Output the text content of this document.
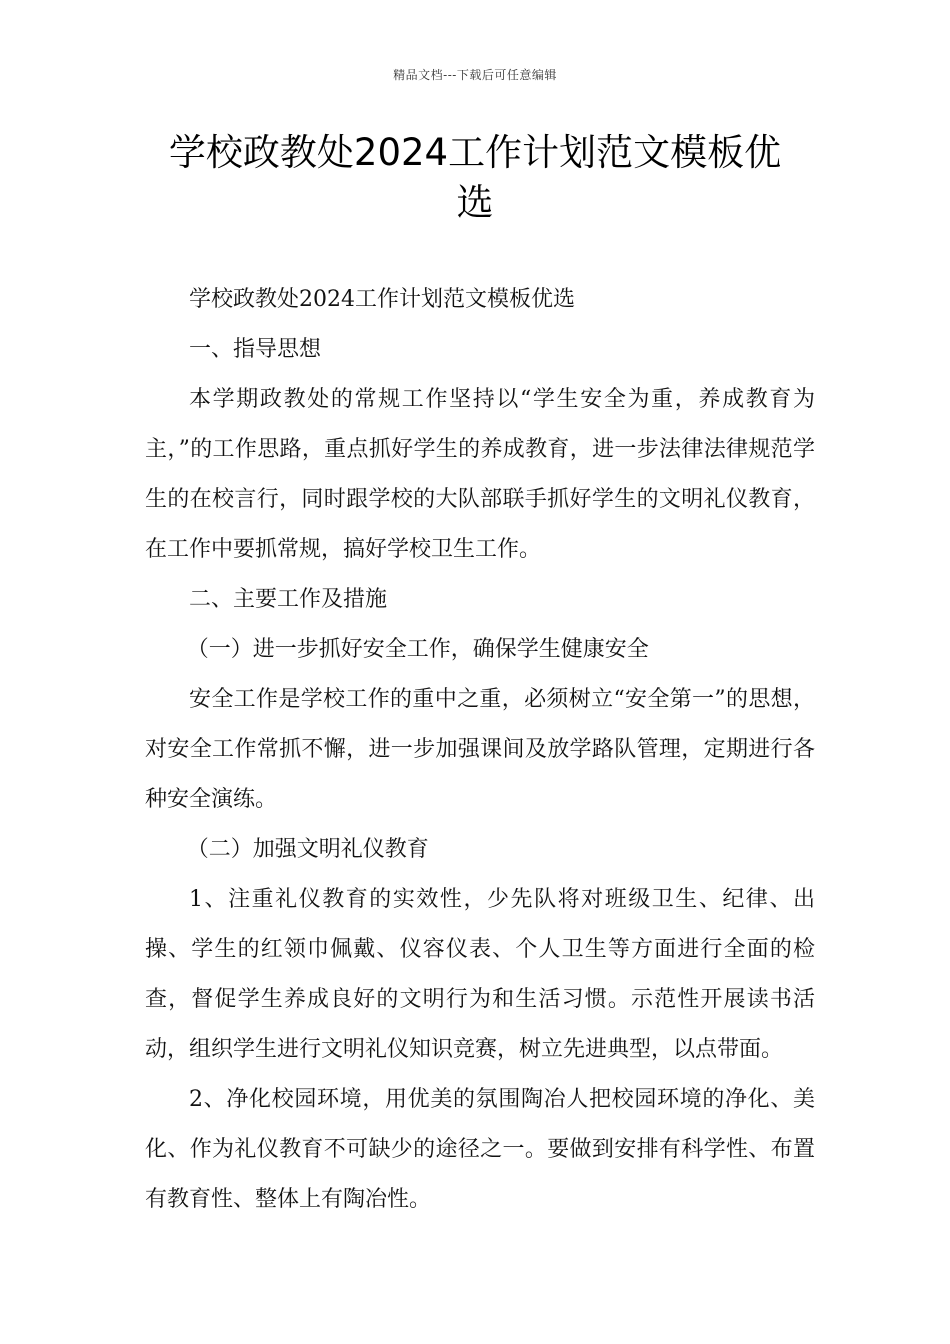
精品文档---下载后可任意编辑
学校政教处2024工作计划范文模板优
选

学校政教处2024工作计划范文模板优选

一、指导思想

本学期政教处的常规工作坚持以“学生安全为重，养成教育为主，”的工作思路，重点抓好学生的养成教育，进一步法律法律规范学生的在校言行，同时跟学校的大队部联手抓好学生的文明礼仪教育，在工作中要抓常规，搞好学校卫生工作。

二、主要工作及措施

（一）进一步抓好安全工作，确保学生健康安全

安全工作是学校工作的重中之重，必须树立“安全第一”的思想，对安全工作常抓不懈，进一步加强课间及放学路队管理，定期进行各种安全演练。

（二）加强文明礼仪教育

1、注重礼仪教育的实效性，少先队将对班级卫生、纪律、出操、学生的红领巾佩戴、仪容仪表、个人卫生等方面进行全面的检查，督促学生养成良好的文明行为和生活习惯。示范性开展读书活动，组织学生进行文明礼仪知识竞赛，树立先进典型，以点带面。

2、净化校园环境，用优美的氛围陶冶人把校园环境的净化、美化、作为礼仪教育不可缺少的途径之一。要做到安排有科学性、布置有教育性、整体上有陶冶性。
